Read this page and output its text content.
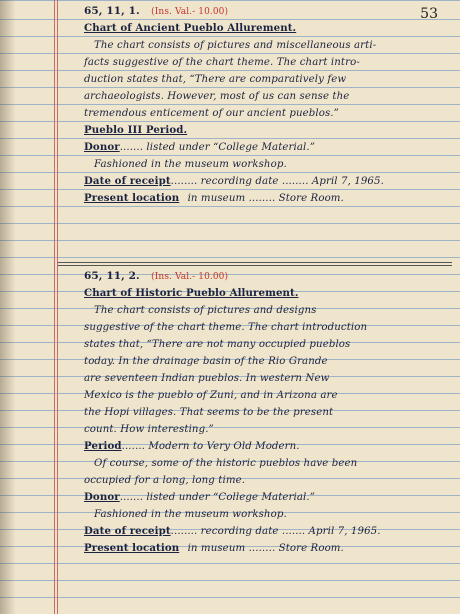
53
65, 11, 1. (Ins. Val.- 10.00)
Chart of Ancient Pueblo Allurement.
The chart consists of pictures and miscellaneous arti-
facts suggestive of the chart theme. The chart intro-
duction states that, “There are comparatively few
archaeologists. However, most of us can sense the
tremendous enticement of our ancient pueblos.”
Pueblo III Period.
Donor....... listed under “College Material.”
Fashioned in the museum workshop.
Date of receipt........ recording date ........ April 7, 1965.
Present location in museum ........ Store Room.
65, 11, 2. (Ins. Val.- 10.00)
Chart of Historic Pueblo Allurement.
The chart consists of pictures and designs
suggestive of the chart theme. The chart introduction
states that, “There are not many occupied pueblos
today. In the drainage basin of the Rio Grande
are seventeen Indian pueblos. In western New
Mexico is the pueblo of Zuni, and in Arizona are
the Hopi villages. That seems to be the present
count. How interesting.”
Period....... Modern to Very Old Modern.
Of course, some of the historic pueblos have been
occupied for a long, long time.
Donor....... listed under “College Material.”
Fashioned in the museum workshop.
Date of receipt........ recording date ....... April 7, 1965.
Present location in museum ........ Store Room.
